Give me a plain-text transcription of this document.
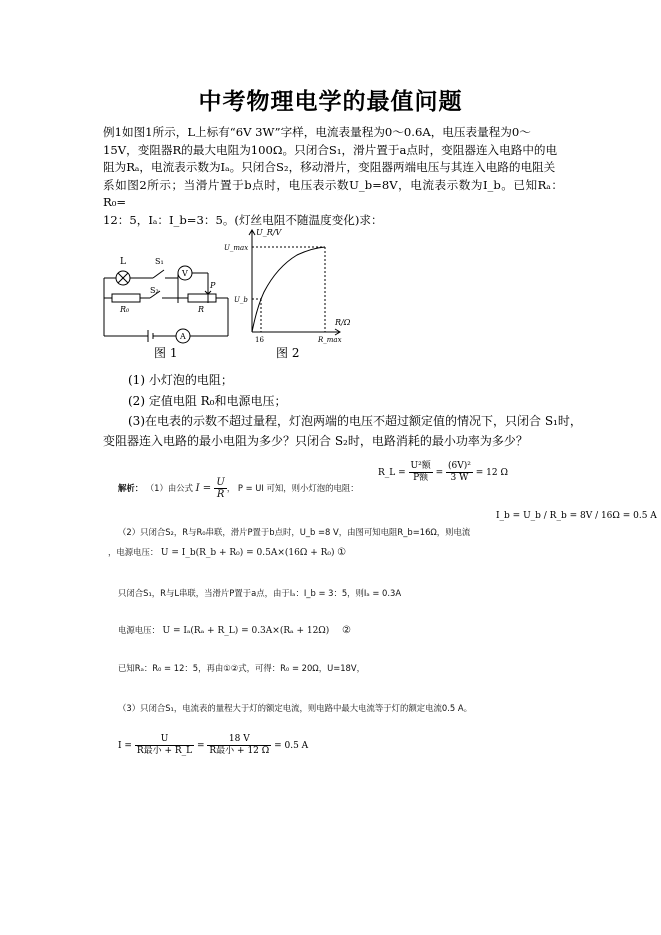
中考物理电学的最值问题
例1如图1所示，L上标有“6V 3W”字样，电流表量程为0～0.6A，电压表量程为0～
15V，变阻器R的最大电阻为100Ω。只闭合S₁，滑片置于a点时，变阻器连入电路中的电
阻为Rₐ，电流表示数为Iₐ。只闭合S₂，移动滑片，变阻器两端电压与其连入电路的电阻关
系如图2所示；当滑片置于b点时，电压表示数U_b=8V，电流表示数为I_b。已知Rₐ：R₀=
12：5，Iₐ：I_b=3：5。(灯丝电阻不随温度变化)求：
L	S₁
V
P
S₂
R₀	R
A
图 1
U_R/V
U_max
U_b
R/Ω
16	R_max
图 2
(1) 小灯泡的电阻；
(2) 定值电阻 R₀和电源电压；
(3)在电表的示数不超过量程，灯泡两端的电压不超过额定值的情况下，只闭合 S₁时，
变阻器连入电路的最小电阻为多少？只闭合 S₂时，电路消耗的最小功率为多少？
解析： （1）由公式 $I = \frac{U}{R}$ ， P = UI 可知，则小灯泡的电阻：
R_L = $\frac{\text{U²额}}{\text{P额}} = \frac{\text{(6V)²}}{3 W} = 12$ Ω
（2）只闭合S₂，R与R₀串联，滑片P置于b点时，U_b =8 V，由图可知电阻R_b=16Ω，则电流
I_b = U_b / R_b = 8V / 16Ω = 0.5 A
，电源电压： U = I_b(R_b + R₀) = 0.5A×(16Ω + R₀) ①
只闭合S₁，R与L串联，当滑片P置于a点，由于Iₐ：I_b = 3：5，则Iₐ = 0.3A
电源电压： U = Iₐ(Rₐ + R_L) = 0.3A×(Rₐ + 12Ω) ②
已知Rₐ：R₀ = 12：5，再由①②式，可得：R₀ = 20Ω，U=18V，
（3）只闭合S₁，电流表的量程大于灯的额定电流，则电路中最大电流等于灯的额定电流0.5 A。
$I = \frac{U}{\text{R最小 + R\_L}} = \frac{18 V}{\text{R最小 + 12 Ω}} = 0.5$ A
